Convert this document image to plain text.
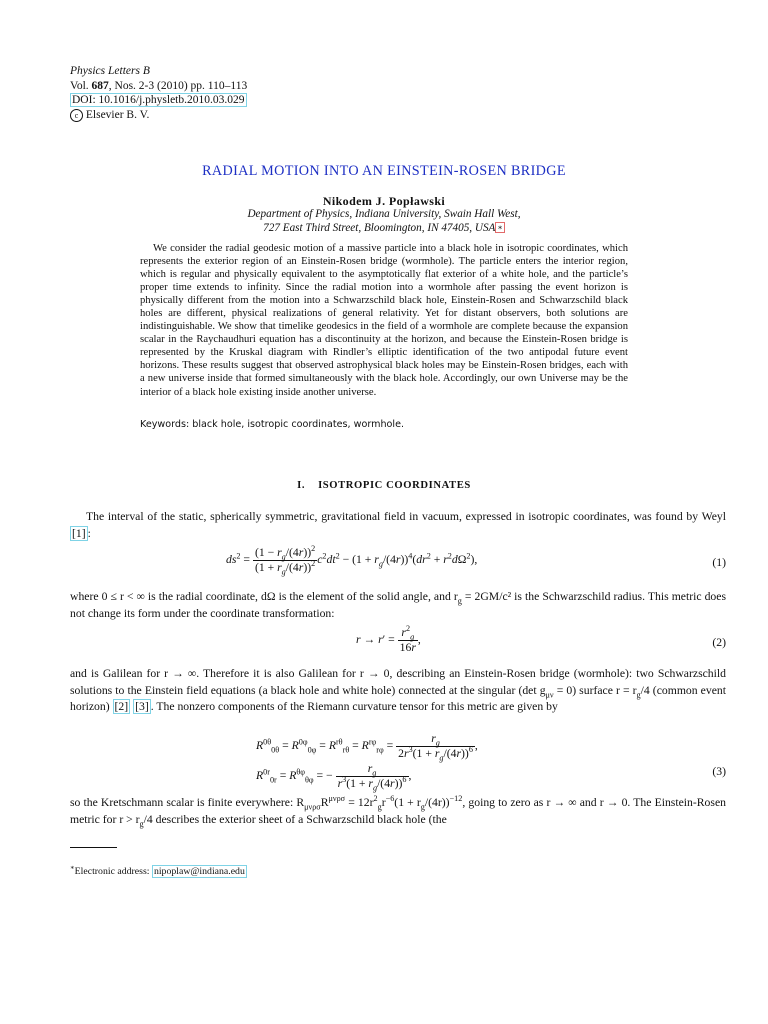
Physics Letters B
Vol. 687, Nos. 2-3 (2010) pp. 110–113
DOI: 10.1016/j.physletb.2010.03.029
c Elsevier B. V.
RADIAL MOTION INTO AN EINSTEIN-ROSEN BRIDGE
Nikodem J. Popławski
Department of Physics, Indiana University, Swain Hall West,
727 East Third Street, Bloomington, IN 47405, USA ∗

We consider the radial geodesic motion of a massive particle into a black hole in isotropic coordinates, which represents the exterior region of an Einstein-Rosen bridge (wormhole). The particle enters the interior region, which is regular and physically equivalent to the asymptotically flat exterior of a white hole, and the particle’s proper time extends to infinity. Since the radial motion into a wormhole after passing the event horizon is physically different from the motion into a Schwarzschild black hole, Einstein-Rosen and Schwarzschild black holes are different, physical realizations of general relativity. Yet for distant observers, both solutions are indistinguishable. We show that timelike geodesics in the field of a wormhole are complete because the expansion scalar in the Raychaudhuri equation has a discontinuity at the horizon, and because the Einstein-Rosen bridge is represented by the Kruskal diagram with Rindler’s elliptic identification of the two antipodal future event horizons. These results suggest that observed astrophysical black holes may be Einstein-Rosen bridges, each with a new universe inside that formed simultaneously with the black hole. Accordingly, our own Universe may be the interior of a black hole existing inside another universe.

Keywords: black hole, isotropic coordinates, wormhole.
I.    ISOTROPIC COORDINATES
The interval of the static, spherically symmetric, gravitational field in vacuum, expressed in isotropic coordinates, was found by Weyl [1] :
$ds^2 = \frac{(1 - r_g/(4r))^2}{(1 + r_g/(4r))^2} c^2dt^2 - (1 + r_g/(4r))^4(dr^2 + r^2d\Omega^2)$,	(1)
where 0 ≤ r < ∞ is the radial coordinate, dΩ is the element of the solid angle, and $r_g = 2GM/c^2$ is the Schwarzschild radius. This metric does not change its form under the coordinate transformation:
$r \to r' = \frac{r^2_g}{16r}$ ,	(2)
and is Galilean for r → ∞. Therefore it is also Galilean for r → 0, describing an Einstein-Rosen bridge (wormhole): two Schwarzschild solutions to the Einstein field equations (a black hole and white hole) connected at the singular (det $g_{\mu\nu} = 0$) surface $r = r_g/4$ (common event horizon) [2] [3] . The nonzero components of the Riemann curvature tensor for this metric are given by
$R^{0\theta}_{0\theta} = R^{0\varphi}_{0\varphi} = R^{r\theta}_{r\theta} = R^{r\varphi}_{r\varphi} = \frac{r_g}{2r^3(1 + r_g/(4r))^6}$ ,
$R^{0r}_{0r} = R^{\theta\varphi}_{\theta\varphi}$ = − $\frac{r_g}{r^3(1 + r_g/(4r))^6}$ ,	(3)
so the Kretschmann scalar is finite everywhere: $R_{\mu\nu\rho\sigma}R^{\mu\nu\rho\sigma} = 12r^2_gr^{-6}(1 + r_g/(4r))^{-12}$, going to zero as r → ∞ and r → 0. The Einstein-Rosen metric for $r > r_g/4$ describes the exterior sheet of a Schwarzschild black hole (the
∗Electronic address: nipoplaw@indiana.edu
